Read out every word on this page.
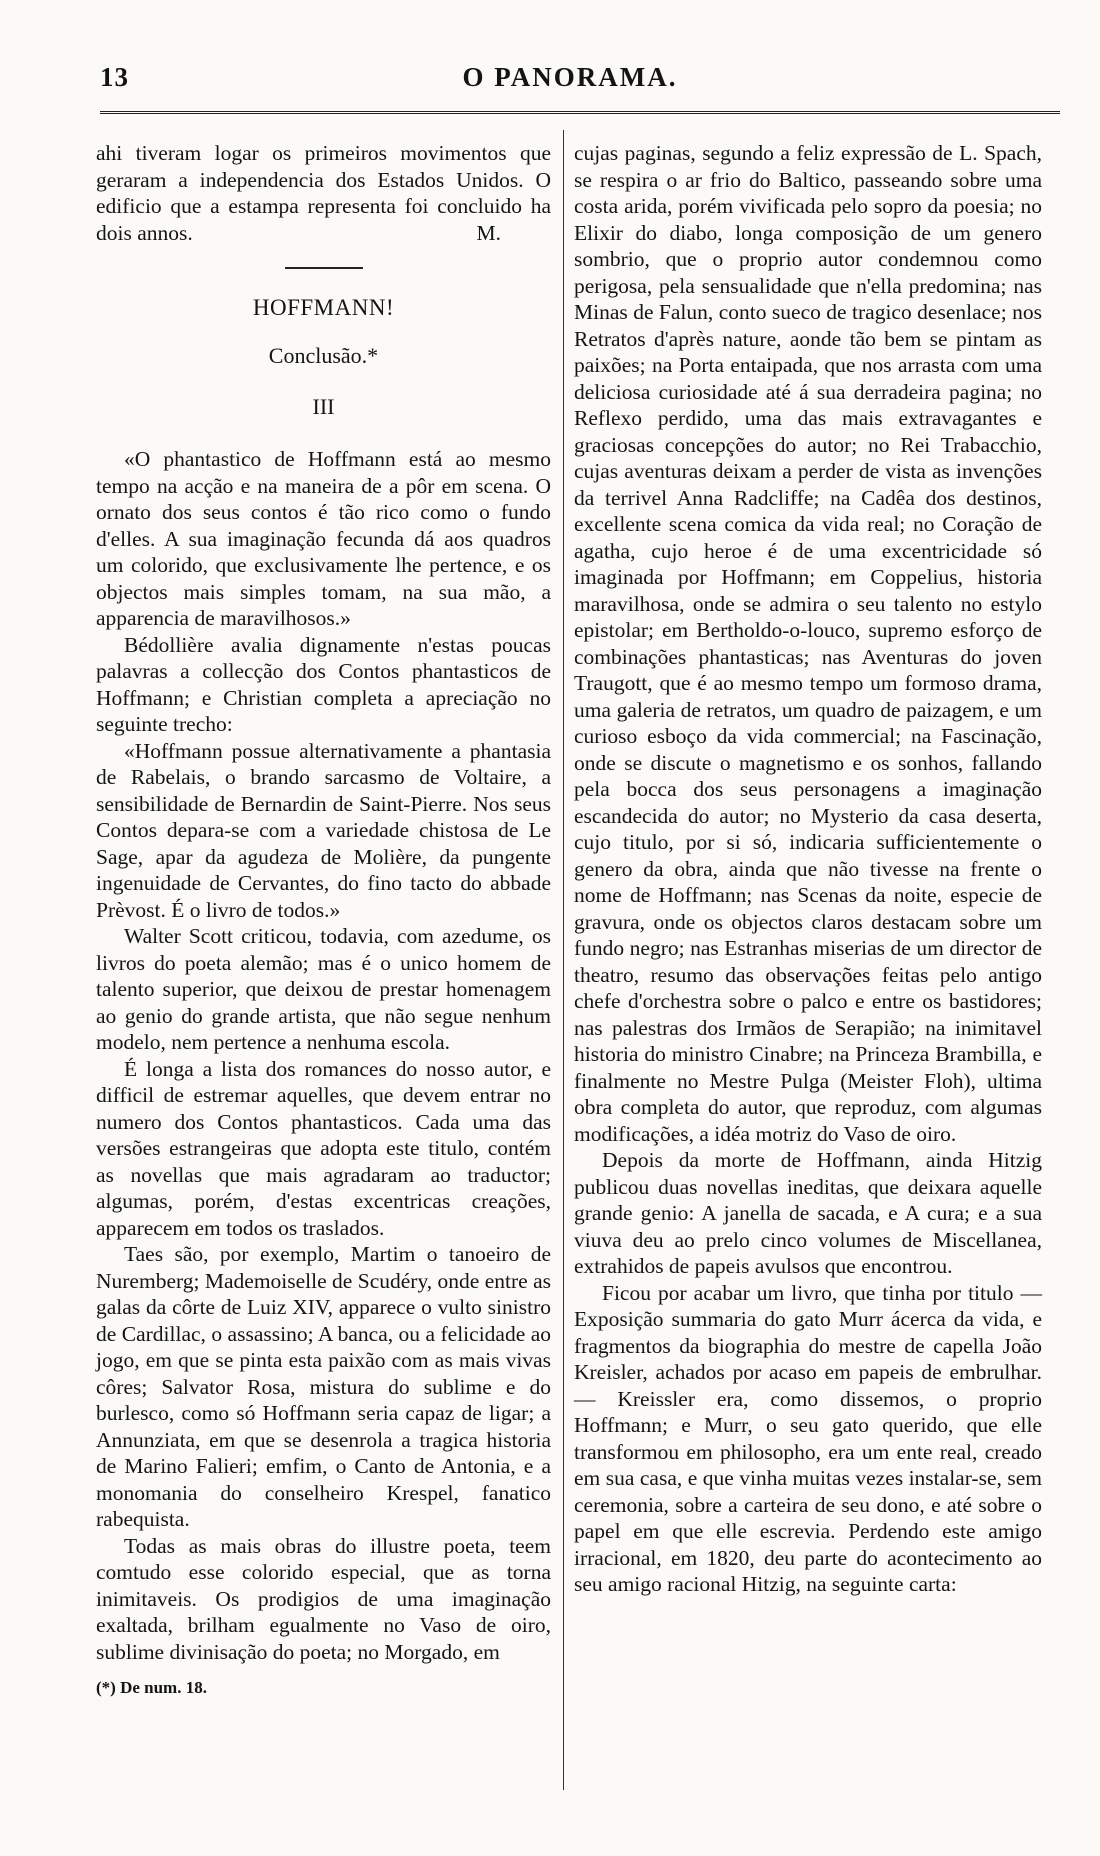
13	O PANORAMA.

ahi tiveram logar os primeiros movimentos que geraram a independencia dos Estados Unidos. O edificio que a estampa representa foi concluido ha dois annos.	M.
HOFFMANN!
Conclusão.*
III

«O phantastico de Hoffmann está ao mesmo tempo na acção e na maneira de a pôr em scena. O ornato dos seus contos é tão rico como o fundo d'elles. A sua imaginação fecunda dá aos quadros um colorido, que exclusivamente lhe pertence, e os objectos mais simples tomam, na sua mão, a apparencia de maravilhosos.»

Bédollière avalia dignamente n'estas poucas palavras a collecção dos Contos phantasticos de Hoffmann; e Christian completa a apreciação no seguinte trecho:

«Hoffmann possue alternativamente a phantasia de Rabelais, o brando sarcasmo de Voltaire, a sensibilidade de Bernardin de Saint-Pierre. Nos seus Contos depara-se com a variedade chistosa de Le Sage, apar da agudeza de Molière, da pungente ingenuidade de Cervantes, do fino tacto do abbade Prèvost. É o livro de todos.»

Walter Scott criticou, todavia, com azedume, os livros do poeta alemão; mas é o unico homem de talento superior, que deixou de prestar homenagem ao genio do grande artista, que não segue nenhum modelo, nem pertence a nenhuma escola.

É longa a lista dos romances do nosso autor, e difficil de estremar aquelles, que devem entrar no numero dos Contos phantasticos. Cada uma das versões estrangeiras que adopta este titulo, contém as novellas que mais agradaram ao traductor; algumas, porém, d'estas excentricas creações, apparecem em todos os traslados.

Taes são, por exemplo, Martim o tanoeiro de Nuremberg; Mademoiselle de Scudéry, onde entre as galas da côrte de Luiz XIV, apparece o vulto sinistro de Cardillac, o assassino; A banca, ou a felicidade ao jogo, em que se pinta esta paixão com as mais vivas côres; Salvator Rosa, mistura do sublime e do burlesco, como só Hoffmann seria capaz de ligar; a Annunziata, em que se desenrola a tragica historia de Marino Falieri; emfim, o Canto de Antonia, e a monomania do conselheiro Krespel, fanatico rabequista.

Todas as mais obras do illustre poeta, teem comtudo esse colorido especial, que as torna inimitaveis. Os prodigios de uma imaginação exaltada, brilham egualmente no Vaso de oiro, sublime divinisação do poeta; no Morgado, em

(*) De num. 18.

cujas paginas, segundo a feliz expressão de L. Spach, se respira o ar frio do Baltico, passeando sobre uma costa arida, porém vivificada pelo sopro da poesia; no Elixir do diabo, longa composição de um genero sombrio, que o proprio autor condemnou como perigosa, pela sensualidade que n'ella predomina; nas Minas de Falun, conto sueco de tragico desenlace; nos Retratos d'après nature, aonde tão bem se pintam as paixões; na Porta entaipada, que nos arrasta com uma deliciosa curiosidade até á sua derradeira pagina; no Reflexo perdido, uma das mais extravagantes e graciosas concepções do autor; no Rei Trabacchio, cujas aventuras deixam a perder de vista as invenções da terrivel Anna Radcliffe; na Cadêa dos destinos, excellente scena comica da vida real; no Coração de agatha, cujo heroe é de uma excentricidade só imaginada por Hoffmann; em Coppelius, historia maravilhosa, onde se admira o seu talento no estylo epistolar; em Bertholdo-o-louco, supremo esforço de combinações phantasticas; nas Aventuras do joven Traugott, que é ao mesmo tempo um formoso drama, uma galeria de retratos, um quadro de paizagem, e um curioso esboço da vida commercial; na Fascinação, onde se discute o magnetismo e os sonhos, fallando pela bocca dos seus personagens a imaginação escandecida do autor; no Mysterio da casa deserta, cujo titulo, por si só, indicaria sufficientemente o genero da obra, ainda que não tivesse na frente o nome de Hoffmann; nas Scenas da noite, especie de gravura, onde os objectos claros destacam sobre um fundo negro; nas Estranhas miserias de um director de theatro, resumo das observações feitas pelo antigo chefe d'orchestra sobre o palco e entre os bastidores; nas palestras dos Irmãos de Serapião; na inimitavel historia do ministro Cinabre; na Princeza Brambilla, e finalmente no Mestre Pulga (Meister Floh), ultima obra completa do autor, que reproduz, com algumas modificações, a idéa motriz do Vaso de oiro.

Depois da morte de Hoffmann, ainda Hitzig publicou duas novellas ineditas, que deixara aquelle grande genio: A janella de sacada, e A cura; e a sua viuva deu ao prelo cinco volumes de Miscellanea, extrahidos de papeis avulsos que encontrou.

Ficou por acabar um livro, que tinha por titulo — Exposição summaria do gato Murr ácerca da vida, e fragmentos da biographia do mestre de capella João Kreisler, achados por acaso em papeis de embrulhar. — Kreissler era, como dissemos, o proprio Hoffmann; e Murr, o seu gato querido, que elle transformou em philosopho, era um ente real, creado em sua casa, e que vinha muitas vezes instalar-se, sem ceremonia, sobre a carteira de seu dono, e até sobre o papel em que elle escrevia. Perdendo este amigo irracional, em 1820, deu parte do acontecimento ao seu amigo racional Hitzig, na seguinte carta:
